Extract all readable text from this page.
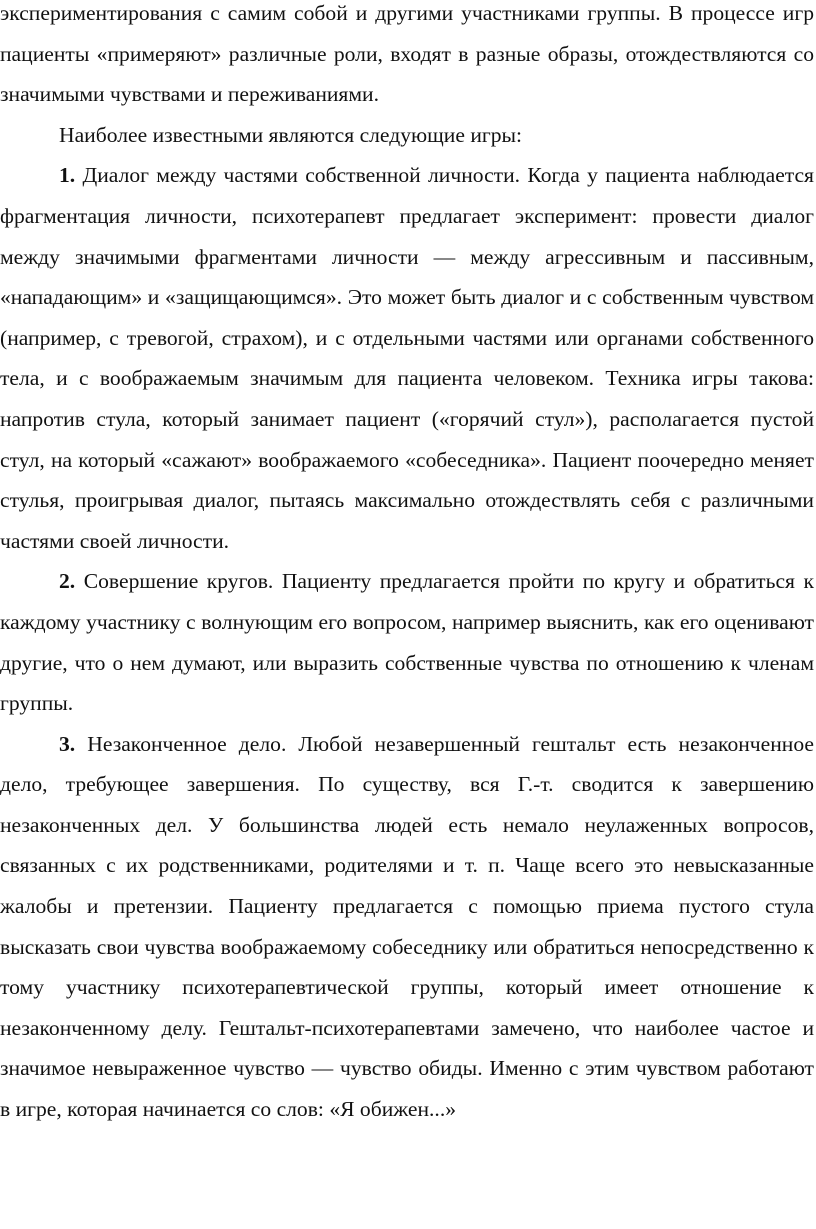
экспериментирования с самим собой и другими участниками группы. В процессе игр пациенты «примеряют» различные роли, входят в разные образы, отождествляются со значимыми чувствами и переживаниями.

Наиболее известными являются следующие игры:

1. Диалог между частями собственной личности. Когда у пациента наблюдается фрагментация личности, психотерапевт предлагает эксперимент: провести диалог между значимыми фрагментами личности — между агрессивным и пассивным, «нападающим» и «защищающимся». Это может быть диалог и с собственным чувством (например, с тревогой, страхом), и с отдельными частями или органами собственного тела, и с воображаемым значимым для пациента человеком. Техника игры такова: напротив стула, который занимает пациент («горячий стул»), располагается пустой стул, на который «сажают» воображаемого «собеседника». Пациент поочередно меняет стулья, проигрывая диалог, пытаясь максимально отождествлять себя с различными частями своей личности.

2. Совершение кругов. Пациенту предлагается пройти по кругу и обратиться к каждому участнику с волнующим его вопросом, например выяснить, как его оценивают другие, что о нем думают, или выразить собственные чувства по отношению к членам группы.

3. Незаконченное дело. Любой незавершенный гештальт есть незаконченное дело, требующее завершения. По существу, вся Г.-т. сводится к завершению незаконченных дел. У большинства людей есть немало неулаженных вопросов, связанных с их родственниками, родителями и т. п. Чаще всего это невысказанные жалобы и претензии. Пациенту предлагается с помощью приема пустого стула высказать свои чувства воображаемому собеседнику или обратиться непосредственно к тому участнику психотерапевтической группы, который имеет отношение к незаконченному делу. Гештальт-психотерапевтами замечено, что наиболее частое и значимое невыраженное чувство — чувство обиды. Именно с этим чувством работают в игре, которая начинается со слов: «Я обижен...»
